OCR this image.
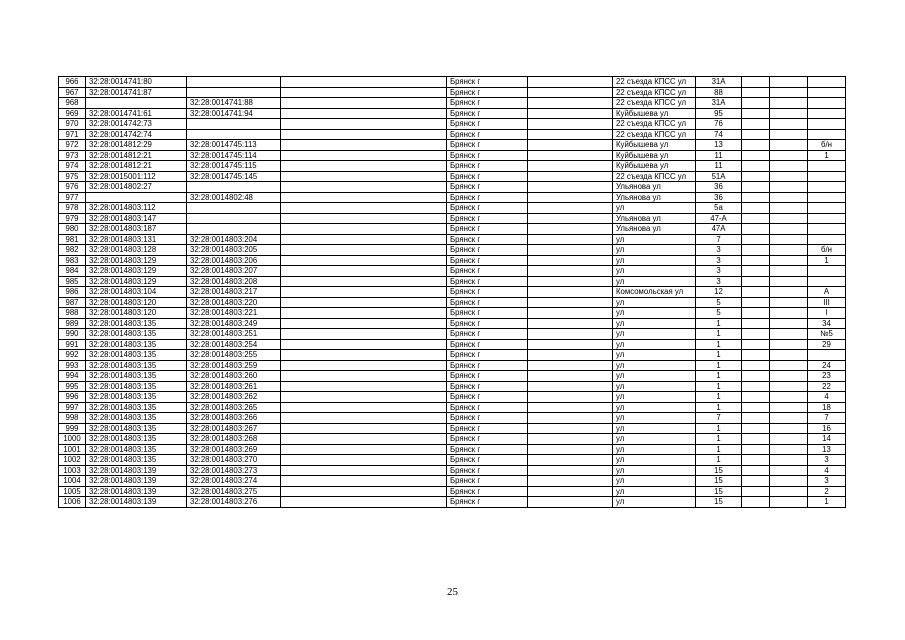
966	32:28:0014741:80			Брянск г		22 съезда КПСС ул	31А			
967	32:28:0014741:87			Брянск г		22 съезда КПСС ул	88			
968		32:28:0014741:88		Брянск г		22 съезда КПСС ул	31А			
969	32:28:0014741:61	32:28:0014741:94		Брянск г		Куйбышева ул	95			
970	32:28:0014742:73			Брянск г		22 съезда КПСС ул	76			
971	32:28:0014742:74			Брянск г		22 съезда КПСС ул	74			
972	32:28:0014812:29	32:28:0014745:113		Брянск г		Куйбышева ул	13			б/н
973	32:28:0014812:21	32:28:0014745:114		Брянск г		Куйбышева ул	11			1
974	32:28:0014812:21	32:28:0014745:115		Брянск г		Куйбышева ул	11			
975	32:28:0015001:112	32:28:0014745:145		Брянск г		22 съезда КПСС ул	51А			
976	32:28:0014802:27			Брянск г		Ульянова ул	36			
977		32:28:0014802:48		Брянск г		Ульянова ул	36			
978	32:28:0014803:112			Брянск г		ул	5а			
979	32:28:0014803:147			Брянск г		Ульянова ул	47-А			
980	32:28:0014803:187			Брянск г		Ульянова ул	47А			
981	32:28:0014803:131	32:28:0014803:204		Брянск г		ул	7			
982	32:28:0014803:128	32:28:0014803:205		Брянск г		ул	3			б/н
983	32:28:0014803:129	32:28:0014803:206		Брянск г		ул	3			1
984	32:28:0014803:129	32:28:0014803:207		Брянск г		ул	3			
985	32:28:0014803:129	32:28:0014803:208		Брянск г		ул	3			
986	32:28:0014803:104	32:28:0014803:217		Брянск г		Комсомольская ул	12			А
987	32:28:0014803:120	32:28:0014803:220		Брянск г		ул	5			III
988	32:28:0014803:120	32:28:0014803:221		Брянск г		ул	5			I
989	32:28:0014803:135	32:28:0014803:249		Брянск г		ул	1			34
990	32:28:0014803:135	32:28:0014803:251		Брянск г		ул	1			№5
991	32:28:0014803:135	32:28:0014803:254		Брянск г		ул	1			29
992	32:28:0014803:135	32:28:0014803:255		Брянск г		ул	1			
993	32:28:0014803:135	32:28:0014803:259		Брянск г		ул	1			24
994	32:28:0014803:135	32:28:0014803:260		Брянск г		ул	1			23
995	32:28:0014803:135	32:28:0014803:261		Брянск г		ул	1			22
996	32:28:0014803:135	32:28:0014803:262		Брянск г		ул	1			4
997	32:28:0014803:135	32:28:0014803:265		Брянск г		ул	1			18
998	32:28:0014803:135	32:28:0014803:266		Брянск г		ул	7			7
999	32:28:0014803:135	32:28:0014803:267		Брянск г		ул	1			16
1000	32:28:0014803:135	32:28:0014803:268		Брянск г		ул	1			14
1001	32:28:0014803:135	32:28:0014803:269		Брянск г		ул	1			13
1002	32:28:0014803:135	32:28:0014803:270		Брянск г		ул	1			3
1003	32:28:0014803:139	32:28:0014803:273		Брянск г		ул	15			4
1004	32:28:0014803:139	32:28:0014803:274		Брянск г		ул	15			3
1005	32:28:0014803:139	32:28:0014803:275		Брянск г		ул	15			2
1006	32:28:0014803:139	32:28:0014803:276		Брянск г		ул	15			1
25
